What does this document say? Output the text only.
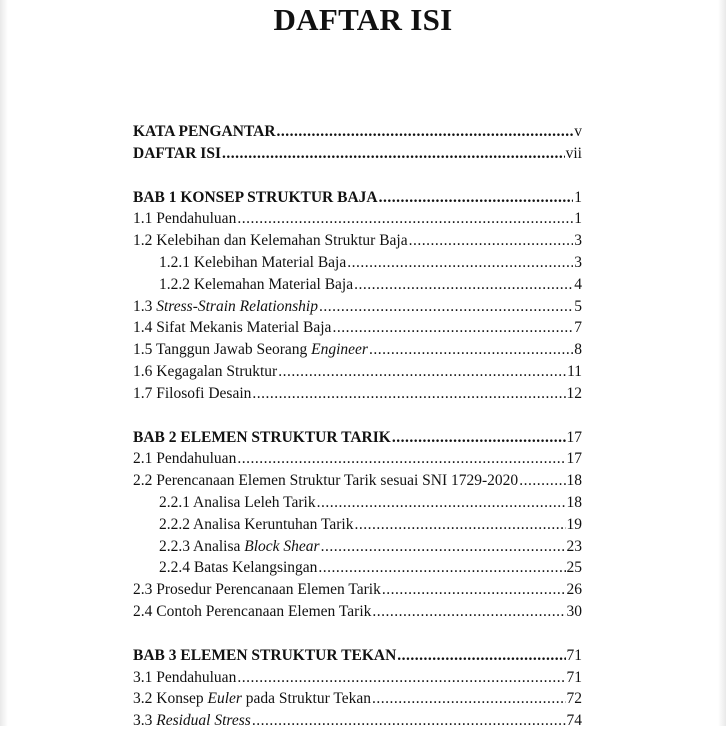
DAFTAR ISI
KATA PENGANTAR .....	v
DAFTAR ISI .....	vii
BAB 1 KONSEP STRUKTUR BAJA .....	1
1.1 Pendahuluan .....	1
1.2 Kelebihan dan Kelemahan Struktur Baja .....	3
1.2.1 Kelebihan Material Baja .....	3
1.2.2 Kelemahan Material Baja .....	4
1.3 Stress-Strain Relationship .....	5
1.4 Sifat Mekanis Material Baja .....	7
1.5 Tanggun Jawab Seorang Engineer .....	8
1.6 Kegagalan Struktur .....	11
1.7 Filosofi Desain .....	12
BAB 2 ELEMEN STRUKTUR TARIK .....	17
2.1 Pendahuluan .....	17
2.2 Perencanaan Elemen Struktur Tarik sesuai SNI 1729-2020 .....	18
2.2.1 Analisa Leleh Tarik .....	18
2.2.2 Analisa Keruntuhan Tarik .....	19
2.2.3 Analisa Block Shear .....	23
2.2.4 Batas Kelangsingan .....	25
2.3 Prosedur Perencanaan Elemen Tarik .....	26
2.4 Contoh Perencanaan Elemen Tarik .....	30
BAB 3 ELEMEN STRUKTUR TEKAN .....	71
3.1 Pendahuluan .....	71
3.2 Konsep Euler pada Struktur Tekan .....	72
3.3 Residual Stress .....	74
